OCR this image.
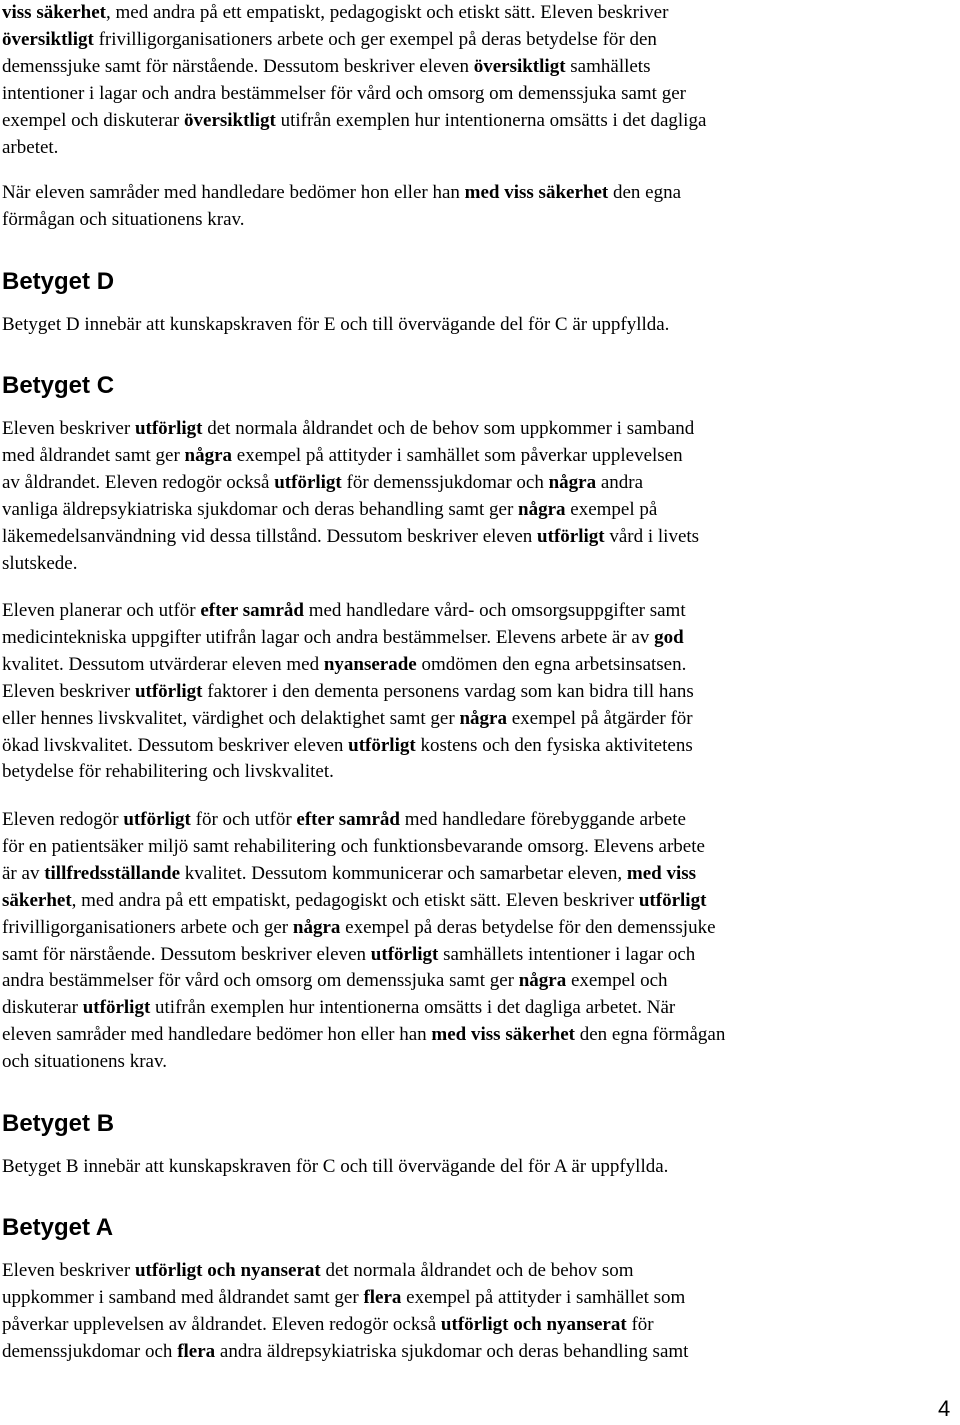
viss säkerhet, med andra på ett empatiskt, pedagogiskt och etiskt sätt. Eleven beskriver
översiktligt frivilligorganisationers arbete och ger exempel på deras betydelse för den
demenssjuke samt för närstående. Dessutom beskriver eleven översiktligt samhällets
intentioner i lagar och andra bestämmelser för vård och omsorg om demenssjuka samt ger
exempel och diskuterar översiktligt utifrån exemplen hur intentionerna omsätts i det dagliga
arbetet.

När eleven samråder med handledare bedömer hon eller han med viss säkerhet den egna
förmågan och situationens krav.

Betyget D

Betyget D innebär att kunskapskraven för E och till övervägande del för C är uppfyllda.

Betyget C

Eleven beskriver utförligt det normala åldrandet och de behov som uppkommer i samband
med åldrandet samt ger några exempel på attityder i samhället som påverkar upplevelsen
av åldrandet. Eleven redogör också utförligt för demenssjukdomar och några andra
vanliga äldrepsykiatriska sjukdomar och deras behandling samt ger några exempel på
läkemedelsanvändning vid dessa tillstånd. Dessutom beskriver eleven utförligt vård i livets
slutskede.

Eleven planerar och utför efter samråd med handledare vård- och omsorgsuppgifter samt
medicintekniska uppgifter utifrån lagar och andra bestämmelser. Elevens arbete är av god
kvalitet. Dessutom utvärderar eleven med nyanserade omdömen den egna arbetsinsatsen.
Eleven beskriver utförligt faktorer i den dementa personens vardag som kan bidra till hans
eller hennes livskvalitet, värdighet och delaktighet samt ger några exempel på åtgärder för
ökad livskvalitet. Dessutom beskriver eleven utförligt kostens och den fysiska aktivitetens
betydelse för rehabilitering och livskvalitet.

Eleven redogör utförligt för och utför efter samråd med handledare förebyggande arbete
för en patientsäker miljö samt rehabilitering och funktionsbevarande omsorg. Elevens arbete
är av tillfredsställande kvalitet. Dessutom kommunicerar och samarbetar eleven, med viss
säkerhet, med andra på ett empatiskt, pedagogiskt och etiskt sätt. Eleven beskriver utförligt
frivilligorganisationers arbete och ger några exempel på deras betydelse för den demenssjuke
samt för närstående. Dessutom beskriver eleven utförligt samhällets intentioner i lagar och
andra bestämmelser för vård och omsorg om demenssjuka samt ger några exempel och
diskuterar utförligt utifrån exemplen hur intentionerna omsätts i det dagliga arbetet. När
eleven samråder med handledare bedömer hon eller han med viss säkerhet den egna förmågan
och situationens krav.

Betyget B

Betyget B innebär att kunskapskraven för C och till övervägande del för A är uppfyllda.

Betyget A

Eleven beskriver utförligt och nyanserat det normala åldrandet och de behov som
uppkommer i samband med åldrandet samt ger flera exempel på attityder i samhället som
påverkar upplevelsen av åldrandet. Eleven redogör också utförligt och nyanserat för
demenssjukdomar och flera andra äldrepsykiatriska sjukdomar och deras behandling samt

4
